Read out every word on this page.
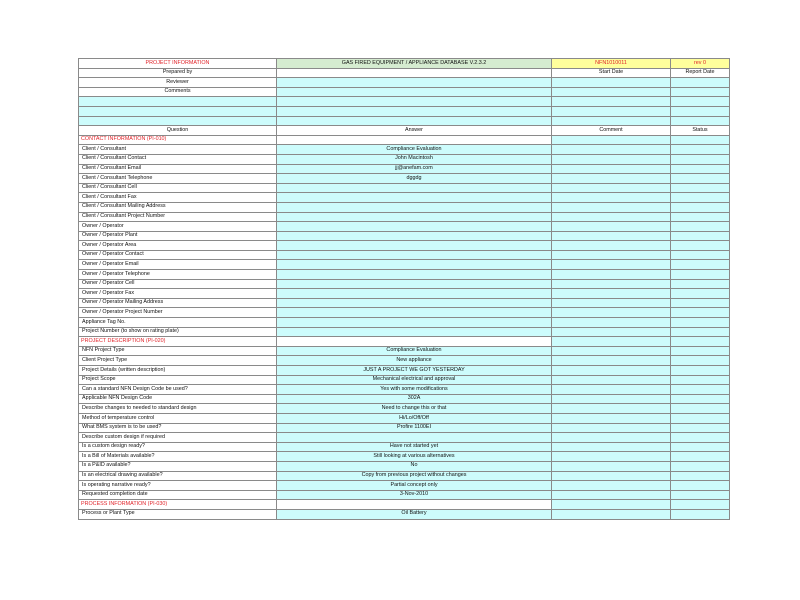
PROJECT INFORMATION	GAS FIRED EQUIPMENT / APPLIANCE DATABASE V.2.3.2	NFN1010011	rev 0
Prepared by		Start Date	Report Date
Reviewer			
Comments			

Question	Answer	Comment	Status
CONTACT INFORMATION (PI-010)			
Client / Consultant	Compliance Evaluation		
Client / Consultant Contact	John Macintosh		
Client / Consultant Email	jj@anefam.com		
Client / Consultant Telephone	dggdg		
Client / Consultant Cell			
Client / Consultant Fax			
Client / Consultant Mailing Address			
Client / Consultant Project Number			
Owner / Operator			
Owner / Operator Plant			
Owner / Operator Area			
Owner / Operator Contact			
Owner / Operator Email			
Owner / Operator Telephone			
Owner / Operator Cell			
Owner / Operator Fax			
Owner / Operator Mailing Address			
Owner / Operator Project Number			
Appliance Tag No.			
Project Number (to show on rating plate)			
PROJECT DESCRIPTION (PI-020)			
NFN Project Type	Compliance Evaluation		
Client Project Type	New appliance		
Project Details (written description)	JUST A PROJECT WE GOT YESTERDAY		
Project Scope	Mechanical electrical and approval		
Can a standard NFN Design Code be used?	Yes with some modifications		
Applicable NFN Design Code	302A		
Describe changes to needed to standard design	Need to change this or that		
Method of temperature control	Hi/Lo/Off/Off		
What BMS system is to be used?	Profire 1100EI		
Describe custom design if required			
Is a custom design ready?	Have not started yet		
Is a Bill of Materials available?	Still looking at various alternatives		
Is a P&ID available?	No		
Is an electrical drawing available?	Copy from previous project without changes		
Is operating narrative ready?	Partial concept only		
Requested completion date	3-Nov-2010		
PROCESS INFORMATION (PI-030)			
Process or Plant Type	Oil Battery		
